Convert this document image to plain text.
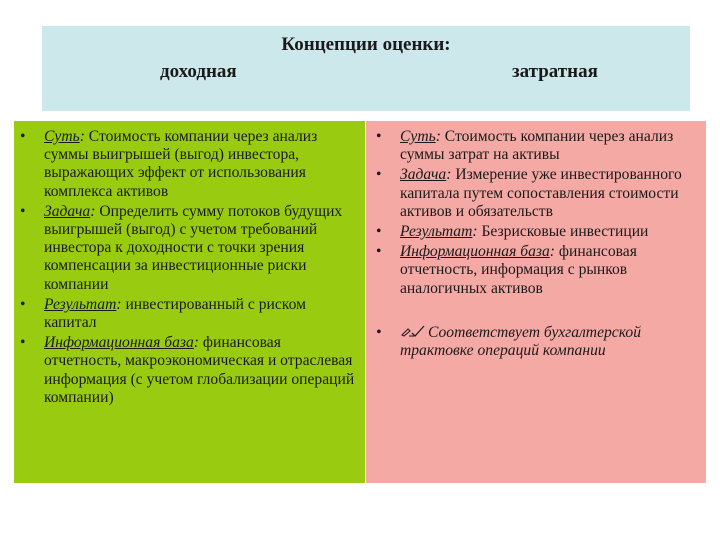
Концепции оценки:
доходная	затратная
• Суть: Стоимость компании через анализ суммы выигрышей (выгод) инвестора, выражающих эффект от использования комплекса активов
• Задача: Определить сумму потоков будущих выигрышей (выгод) с учетом требований инвестора к доходности с точки зрения компенсации за инвестиционные риски компании
• Результат: инвестированный с риском капитал
• Информационная база: финансовая отчетность, макроэкономическая и отраслевая информация (с учетом глобализации операций компании)
• Суть: Стоимость компании через анализ суммы затрат на активы
• Задача: Измерение уже инвестированного капитала путем сопоставления стоимости активов и обязательств
• Результат: Безрисковые инвестиции
• Информационная база: финансовая отчетность, информация с рынков аналогичных активов
•	Соответствует бухгалтерской трактовке операций компании
